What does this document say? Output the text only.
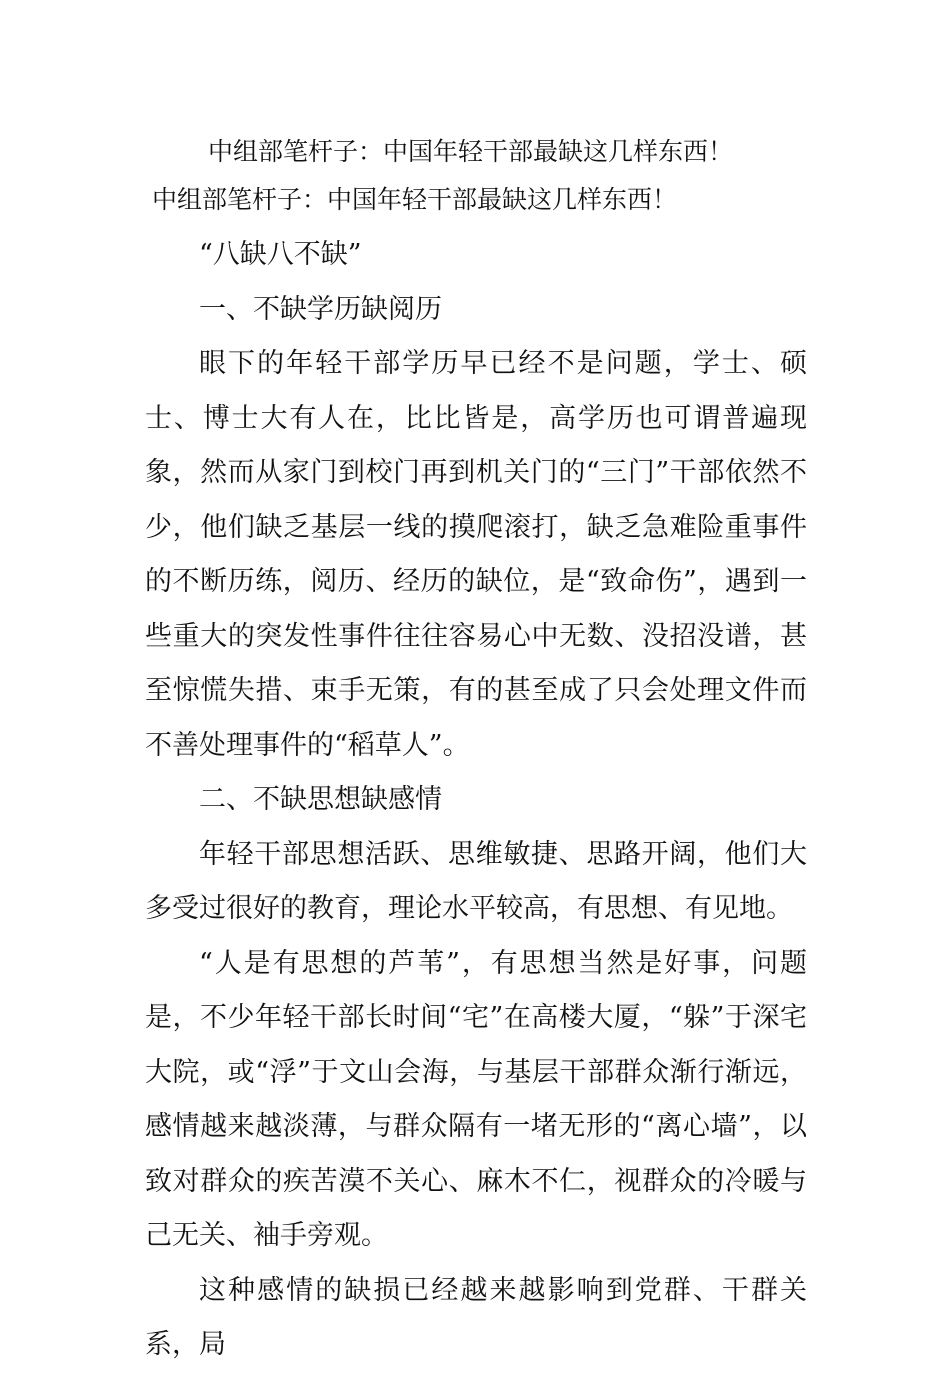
中组部笔杆子：中国年轻干部最缺这几样东西！
中组部笔杆子：中国年轻干部最缺这几样东西！

“八缺八不缺”

一、不缺学历缺阅历

眼下的年轻干部学历早已经不是问题，学士、硕士、博士大有人在，比比皆是，高学历也可谓普遍现象，然而从家门到校门再到机关门的“三门”干部依然不少，他们缺乏基层一线的摸爬滚打，缺乏急难险重事件的不断历练，阅历、经历的缺位，是“致命伤”，遇到一些重大的突发性事件往往容易心中无数、没招没谱，甚至惊慌失措、束手无策，有的甚至成了只会处理文件而不善处理事件的“稻草人”。

二、不缺思想缺感情

年轻干部思想活跃、思维敏捷、思路开阔，他们大多受过很好的教育，理论水平较高，有思想、有见地。

“人是有思想的芦苇”，有思想当然是好事，问题是，不少年轻干部长时间“宅”在高楼大厦，“躲”于深宅大院，或“浮”于文山会海，与基层干部群众渐行渐远，感情越来越淡薄，与群众隔有一堵无形的“离心墙”，以致对群众的疾苦漠不关心、麻木不仁，视群众的冷暖与己无关、袖手旁观。

这种感情的缺损已经越来越影响到党群、干群关系，局
